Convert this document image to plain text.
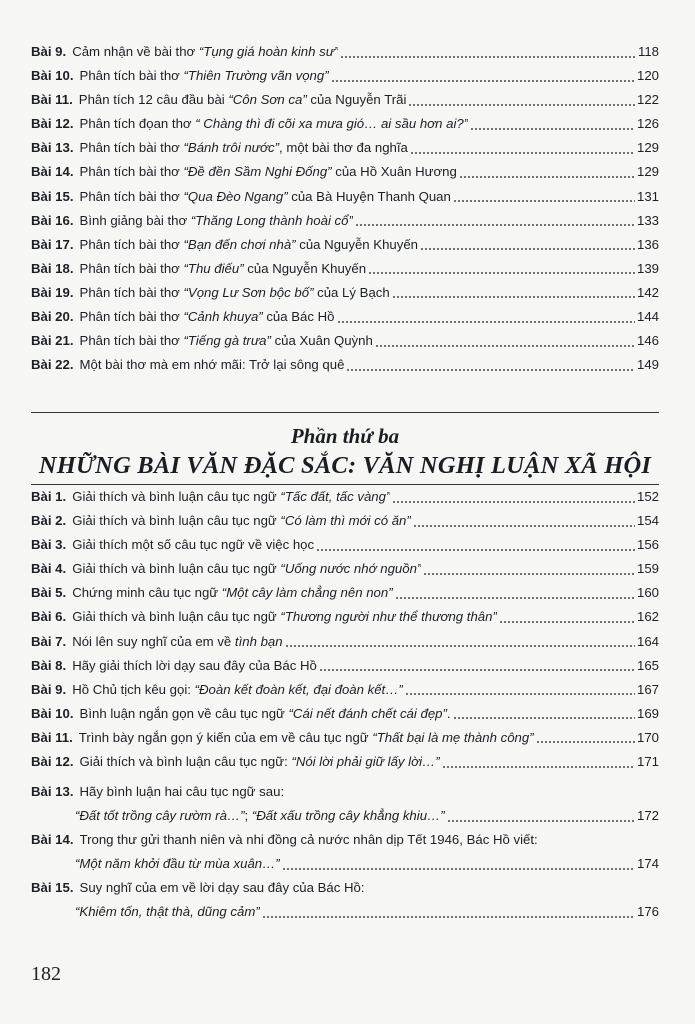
Bài 9. Cảm nhận về bài thơ “Tụng giá hoàn kinh sư”	118
Bài 10. Phân tích bài thơ “Thiên Trường vãn vọng”	120
Bài 11. Phân tích 12 câu đầu bài “Côn Sơn ca” của Nguyễn Trãi	122
Bài 12. Phân tích đọan thơ “ Chàng thì đi cõi xa mưa gió… ai sầu hơn ai?”	126
Bài 13. Phân tích bài thơ “Bánh trôi nước”, một bài thơ đa nghĩa	129
Bài 14. Phân tích bài thơ “Đề đền Sầm Nghi Đống” của Hồ Xuân Hương	129
Bài 15. Phân tích bài thơ “Qua Đèo Ngang” của Bà Huyện Thanh Quan	131
Bài 16. Bình giảng bài thơ “Thăng Long thành hoài cổ”	133
Bài 17. Phân tích bài thơ “Bạn đến chơi nhà” của Nguyễn Khuyến	136
Bài 18. Phân tích bài thơ “Thu điếu” của Nguyễn Khuyến	139
Bài 19. Phân tích bài thơ “Vọng Lư Sơn bộc bố” của Lý Bạch	142
Bài 20. Phân tích bài thơ “Cảnh khuya” của Bác Hồ	144
Bài 21. Phân tích bài thơ “Tiếng gà trưa” của Xuân Quỳnh	146
Bài 22. Một bài thơ mà em nhớ mãi: Trở lại sông quê	149
Phần thứ ba
NHỮNG BÀI VĂN ĐẶC SẮC: VĂN NGHỊ LUẬN XÃ HỘI
Bài 1. Giải thích và bình luận câu tục ngữ “Tấc đất, tấc vàng”	152
Bài 2. Giải thích và bình luận câu tục ngữ “Có làm thì mới có ăn”	154
Bài 3. Giải thích một số câu tục ngữ về việc học	156
Bài 4. Giải thích và bình luận câu tục ngữ “Uống nước nhớ nguồn”	159
Bài 5. Chứng minh câu tục ngữ “Một cây làm chẳng nên non”	160
Bài 6. Giải thích và bình luận câu tục ngữ “Thương người như thể thương thân”	162
Bài 7. Nói lên suy nghĩ của em về tình bạn	164
Bài 8. Hãy giải thích lời dạy sau đây của Bác Hồ	165
Bài 9. Hồ Chủ tịch kêu gọi: “Đoàn kết đoàn kết, đại đoàn kết…”	167
Bài 10. Bình luận ngắn gọn về câu tục ngữ “Cái nết đánh chết cái đẹp”.	169
Bài 11. Trình bày ngắn gọn ý kiến của em về câu tục ngữ “Thất bại là mẹ thành công”	170
Bài 12. Giải thích và bình luận câu tục ngữ: “Nói lời phải giữ lấy lời…”	171
Bài 13. Hãy bình luận hai câu tục ngữ sau:
“Đất tốt trồng cây rườm rà…”; “Đất xấu trồng cây khẳng khiu…”	172
Bài 14. Trong thư gửi thanh niên và nhi đồng cả nước nhân dịp Tết 1946, Bác Hồ viết:
“Một năm khởi đầu từ mùa xuân…”	174
Bài 15. Suy nghĩ của em về lời dạy sau đây của Bác Hồ:
“Khiêm tốn, thật thà, dũng cảm”	176
182
